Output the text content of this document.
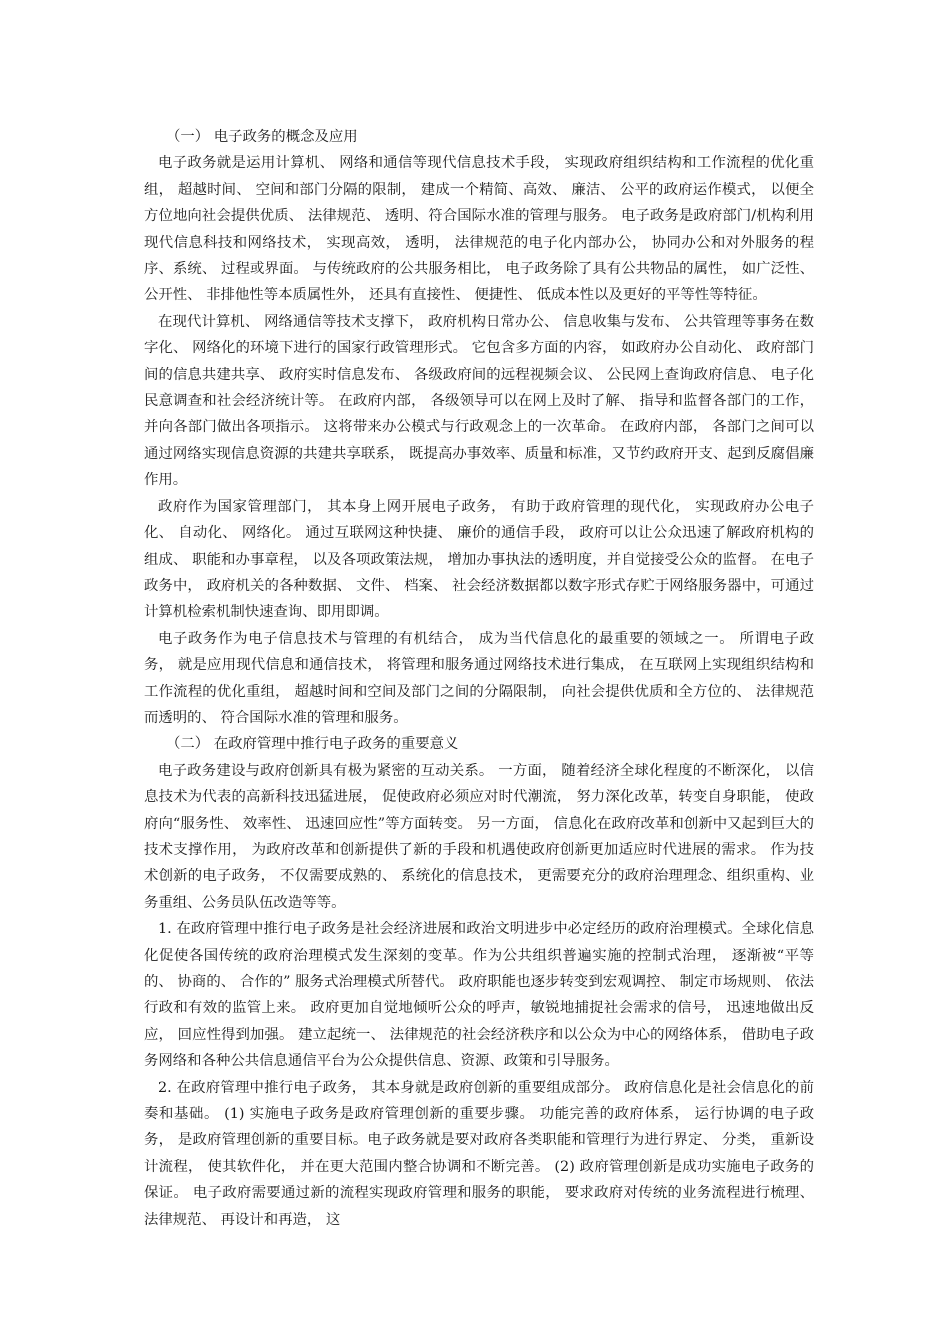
（一） 电子政务的概念及应用

电子政务就是运用计算机、 网络和通信等现代信息技术手段， 实现政府组织结构和工作流程的优化重组， 超越时间、 空间和部门分隔的限制， 建成一个精简、高效、 廉洁、 公平的政府运作模式， 以便全方位地向社会提供优质、 法律规范、 透明、符合国际水准的管理与服务。 电子政务是政府部门/机构利用现代信息科技和网络技术， 实现高效， 透明， 法律规范的电子化内部办公， 协同办公和对外服务的程序、系统、 过程或界面。 与传统政府的公共服务相比， 电子政务除了具有公共物品的属性， 如广泛性、 公开性、 非排他性等本质属性外， 还具有直接性、 便捷性、 低成本性以及更好的平等性等特征。

在现代计算机、 网络通信等技术支撑下， 政府机构日常办公、 信息收集与发布、 公共管理等事务在数字化、 网络化的环境下进行的国家行政管理形式。 它包含多方面的内容， 如政府办公自动化、 政府部门间的信息共建共享、 政府实时信息发布、 各级政府间的远程视频会议、 公民网上查询政府信息、 电子化民意调查和社会经济统计等。 在政府内部， 各级领导可以在网上及时了解、 指导和监督各部门的工作， 并向各部门做出各项指示。 这将带来办公模式与行政观念上的一次革命。 在政府内部， 各部门之间可以通过网络实现信息资源的共建共享联系， 既提高办事效率、质量和标准，又节约政府开支、起到反腐倡廉作用。

政府作为国家管理部门， 其本身上网开展电子政务， 有助于政府管理的现代化， 实现政府办公电子化、 自动化、 网络化。 通过互联网这种快捷、 廉价的通信手段， 政府可以让公众迅速了解政府机构的组成、 职能和办事章程， 以及各项政策法规， 增加办事执法的透明度，并自觉接受公众的监督。 在电子政务中， 政府机关的各种数据、 文件、 档案、 社会经济数据都以数字形式存贮于网络服务器中，可通过计算机检索机制快速查询、即用即调。

电子政务作为电子信息技术与管理的有机结合， 成为当代信息化的最重要的领域之一。 所谓电子政务， 就是应用现代信息和通信技术， 将管理和服务通过网络技术进行集成， 在互联网上实现组织结构和工作流程的优化重组， 超越时间和空间及部门之间的分隔限制， 向社会提供优质和全方位的、 法律规范而透明的、 符合国际水准的管理和服务。

（二） 在政府管理中推行电子政务的重要意义

电子政务建设与政府创新具有极为紧密的互动关系。 一方面， 随着经济全球化程度的不断深化， 以信息技术为代表的高新科技迅猛进展， 促使政府必须应对时代潮流， 努力深化改革，转变自身职能， 使政府向“服务性、 效率性、 迅速回应性”等方面转变。 另一方面， 信息化在政府改革和创新中又起到巨大的技术支撑作用， 为政府改革和创新提供了新的手段和机遇使政府创新更加适应时代进展的需求。 作为技术创新的电子政务， 不仅需要成熟的、 系统化的信息技术， 更需要充分的政府治理理念、组织重构、业务重组、公务员队伍改造等等。

1. 在政府管理中推行电子政务是社会经济进展和政治文明进步中必定经历的政府治理模式。全球化信息化促使各国传统的政府治理模式发生深刻的变革。作为公共组织普遍实施的控制式治理， 逐渐被“平等的、 协商的、 合作的” 服务式治理模式所替代。 政府职能也逐步转变到宏观调控、 制定市场规则、 依法行政和有效的监管上来。 政府更加自觉地倾听公众的呼声，敏锐地捕捉社会需求的信号， 迅速地做出反应， 回应性得到加强。 建立起统一、 法律规范的社会经济秩序和以公众为中心的网络体系， 借助电子政务网络和各种公共信息通信平台为公众提供信息、资源、政策和引导服务。

2. 在政府管理中推行电子政务， 其本身就是政府创新的重要组成部分。 政府信息化是社会信息化的前奏和基础。 (1) 实施电子政务是政府管理创新的重要步骤。 功能完善的政府体系， 运行协调的电子政务， 是政府管理创新的重要目标。电子政务就是要对政府各类职能和管理行为进行界定、 分类， 重新设计流程， 使其软件化， 并在更大范围内整合协调和不断完善。 (2) 政府管理创新是成功实施电子政务的保证。 电子政府需要通过新的流程实现政府管理和服务的职能， 要求政府对传统的业务流程进行梳理、 法律规范、 再设计和再造， 这
